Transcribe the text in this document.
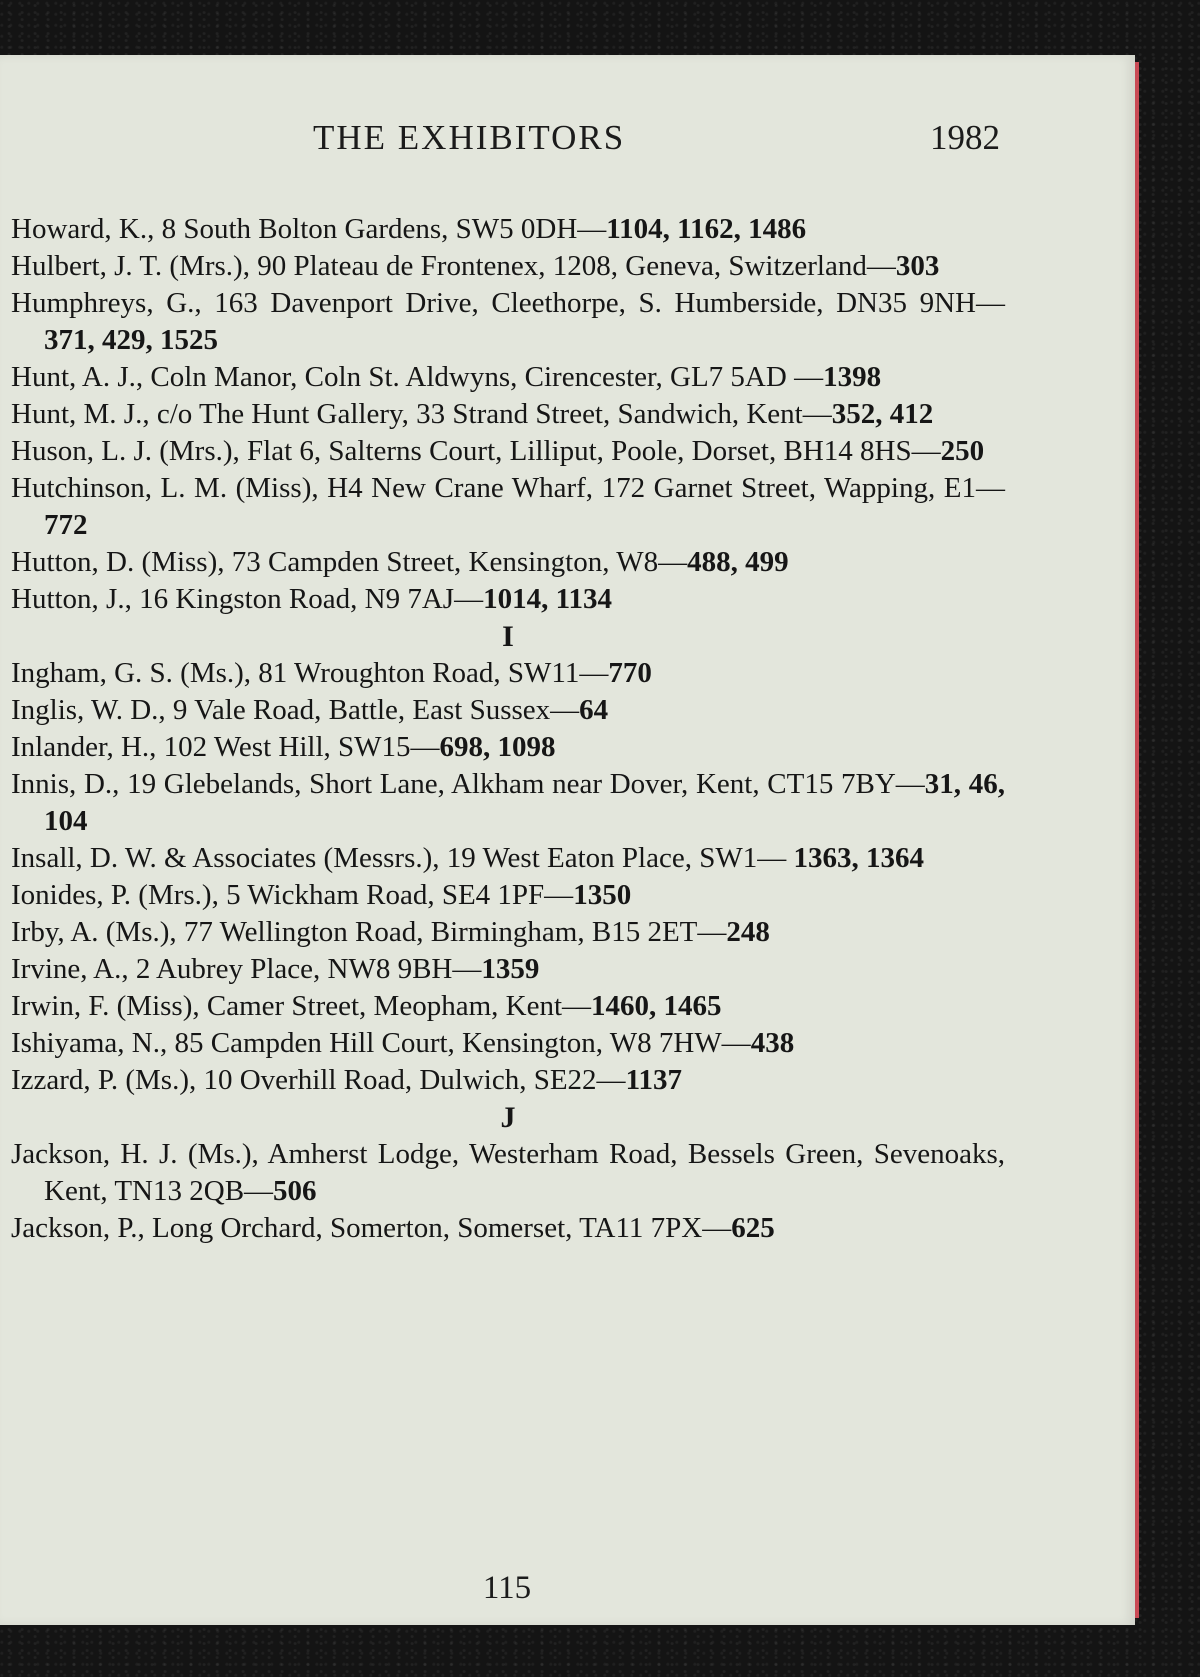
THE EXHIBITORS	1982
Howard, K., 8 South Bolton Gardens, SW5 0DH—1104, 1162, 1486
Hulbert, J. T. (Mrs.), 90 Plateau de Frontenex, 1208, Geneva, Switzerland—303
Humphreys, G., 163 Davenport Drive, Cleethorpe, S. Humberside, DN35 9NH—371, 429, 1525
Hunt, A. J., Coln Manor, Coln St. Aldwyns, Cirencester, GL7 5AD —1398
Hunt, M. J., c/o The Hunt Gallery, 33 Strand Street, Sandwich, Kent—352, 412
Huson, L. J. (Mrs.), Flat 6, Salterns Court, Lilliput, Poole, Dorset, BH14 8HS—250
Hutchinson, L. M. (Miss), H4 New Crane Wharf, 172 Garnet Street, Wapping, E1—772
Hutton, D. (Miss), 73 Campden Street, Kensington, W8—488, 499
Hutton, J., 16 Kingston Road, N9 7AJ—1014, 1134
I
Ingham, G. S. (Ms.), 81 Wroughton Road, SW11—770
Inglis, W. D., 9 Vale Road, Battle, East Sussex—64
Inlander, H., 102 West Hill, SW15—698, 1098
Innis, D., 19 Glebelands, Short Lane, Alkham near Dover, Kent, CT15 7BY—31, 46, 104
Insall, D. W. & Associates (Messrs.), 19 West Eaton Place, SW1— 1363, 1364
Ionides, P. (Mrs.), 5 Wickham Road, SE4 1PF—1350
Irby, A. (Ms.), 77 Wellington Road, Birmingham, B15 2ET—248
Irvine, A., 2 Aubrey Place, NW8 9BH—1359
Irwin, F. (Miss), Camer Street, Meopham, Kent—1460, 1465
Ishiyama, N., 85 Campden Hill Court, Kensington, W8 7HW—438
Izzard, P. (Ms.), 10 Overhill Road, Dulwich, SE22—1137
J
Jackson, H. J. (Ms.), Amherst Lodge, Westerham Road, Bessels Green, Sevenoaks, Kent, TN13 2QB—506
Jackson, P., Long Orchard, Somerton, Somerset, TA11 7PX—625
115
